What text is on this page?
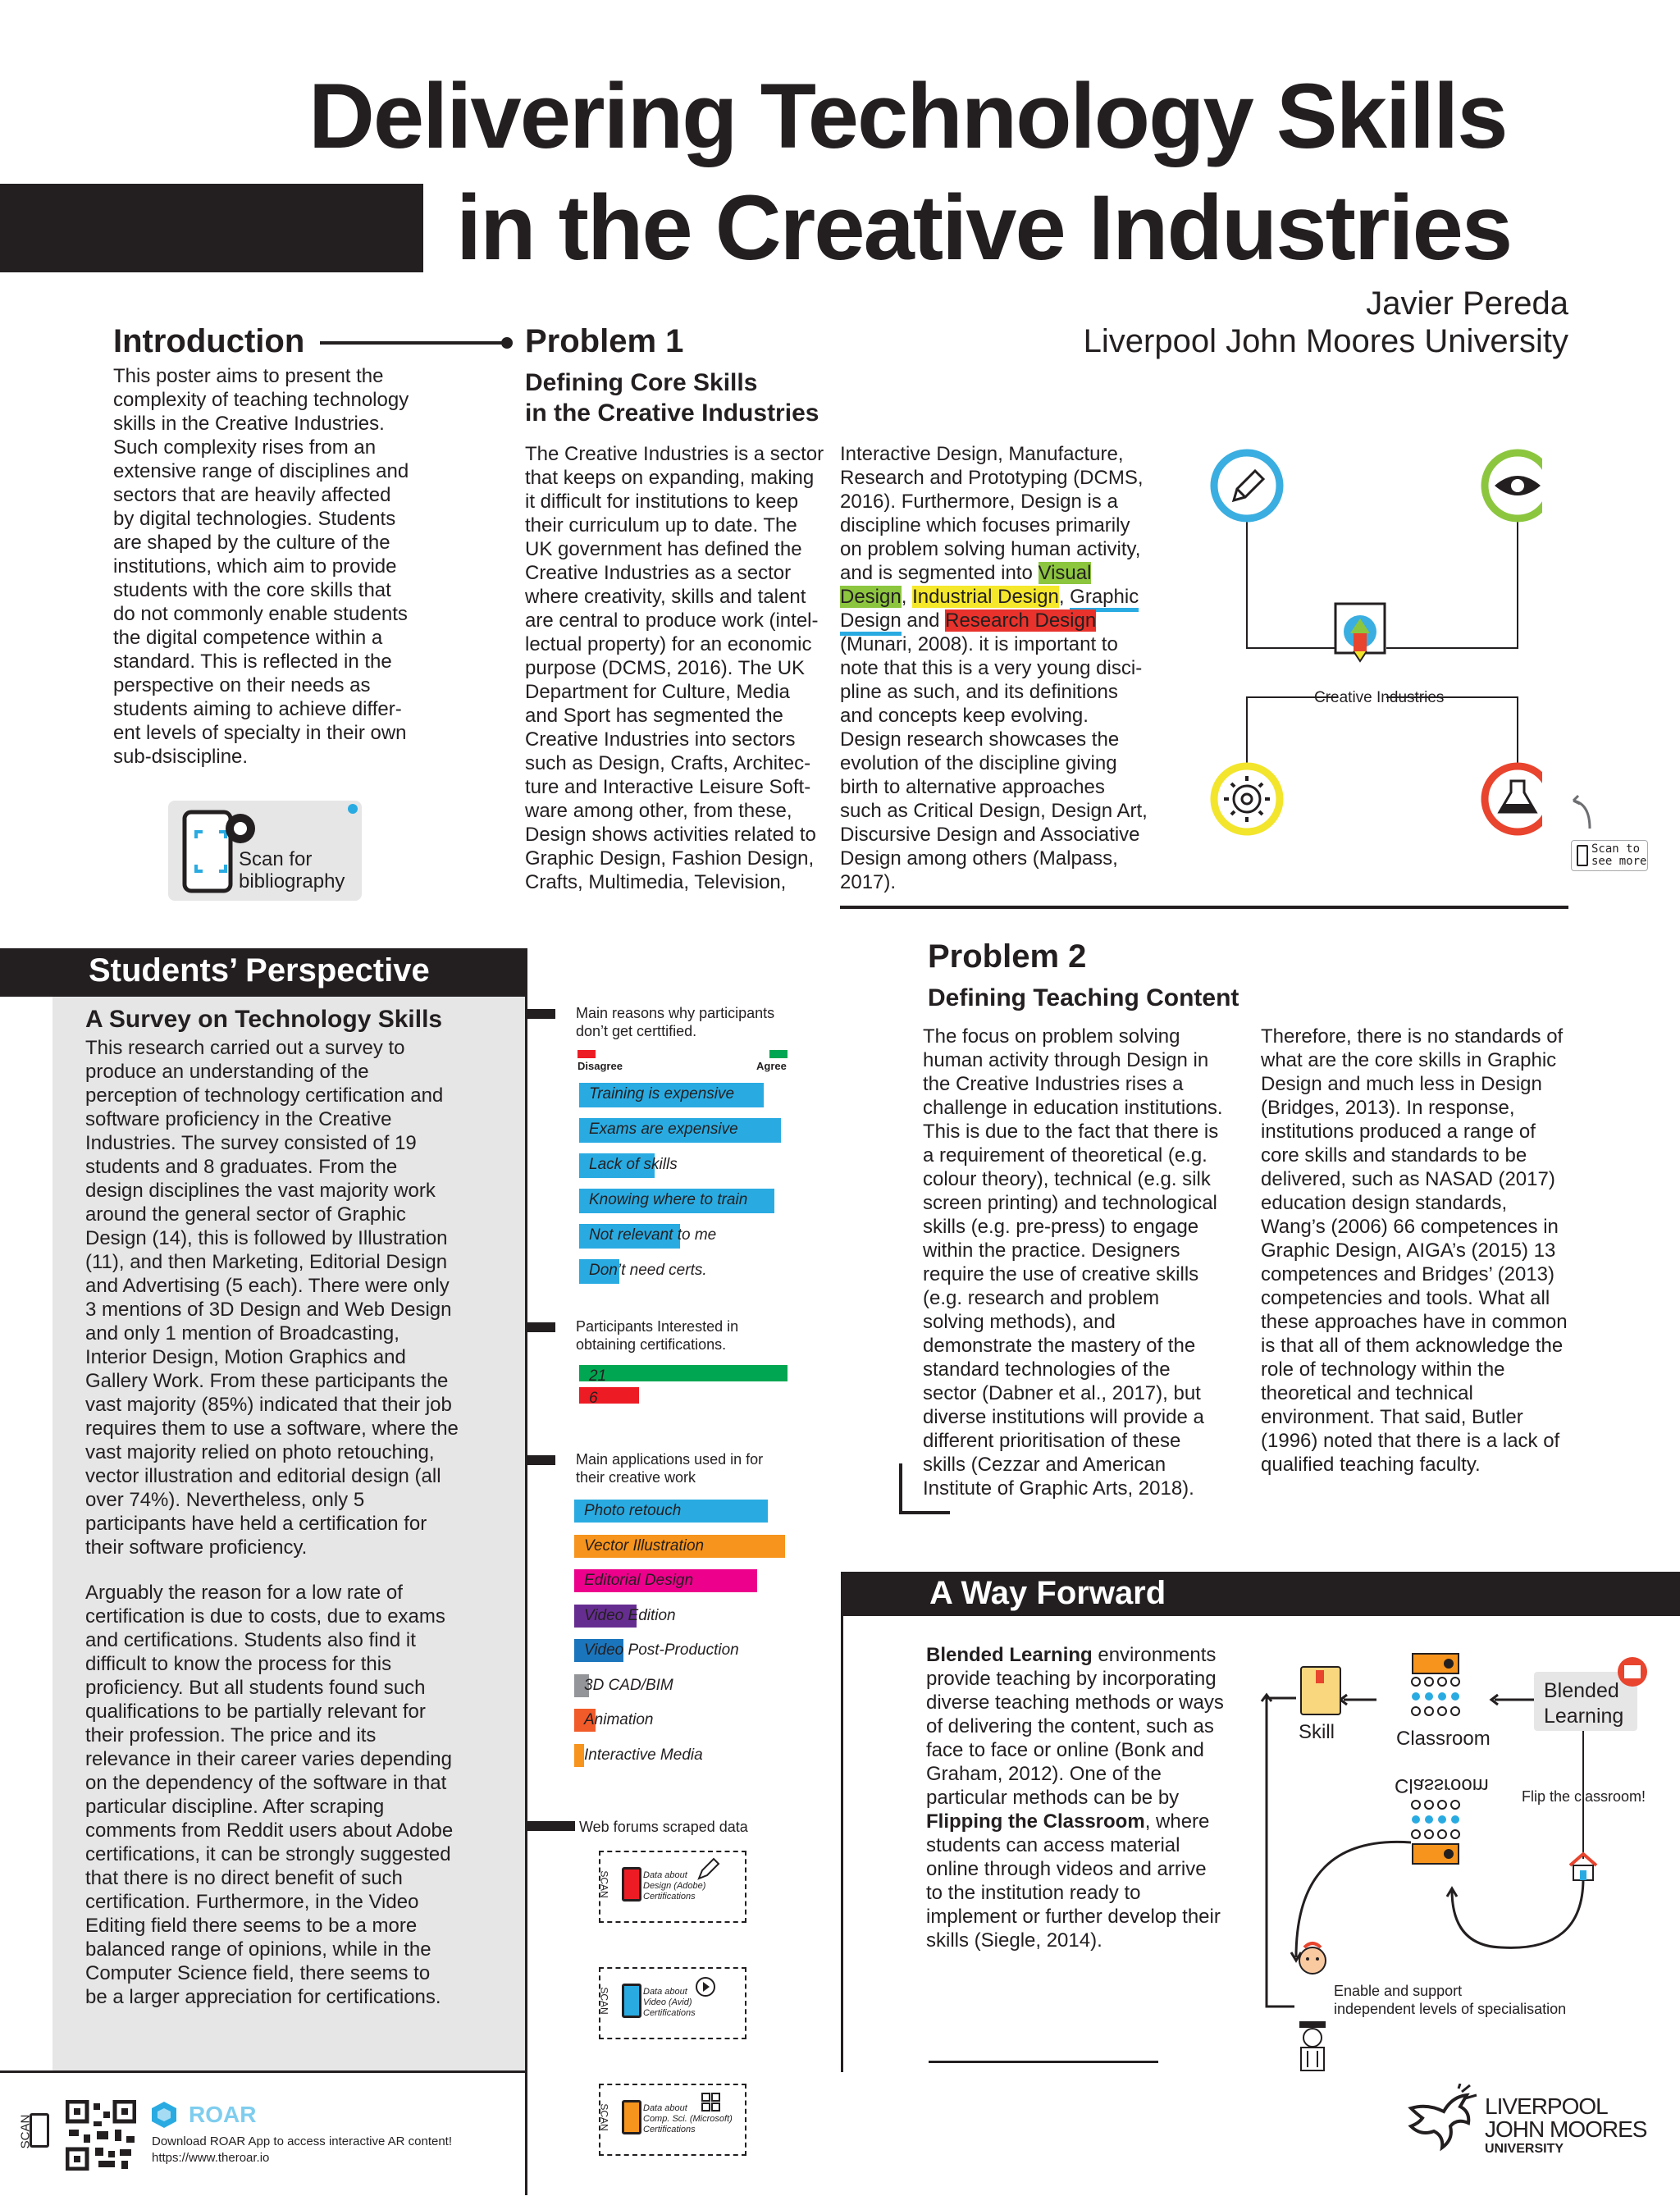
Delivering Technology Skills
in the Creative Industries
Javier Pereda
Liverpool John Moores University
Introduction
This poster aims to present the
complexity of teaching technology
skills in the Creative Industries.
Such complexity rises from an
extensive range of disciplines and
sectors that are heavily affected
by digital technologies. Students
are shaped by the culture of the
institutions, which aim to provide
students with the core skills that
do not commonly enable students
the digital competence within a
standard. This is reflected in the
perspective on their needs as
students aiming to achieve differ-
ent levels of specialty in their own
sub-dsiscipline.
Scan for
bibliography
Problem 1
Defining Core Skills
in the Creative Industries
The Creative Industries is a sector
that keeps on expanding, making
it difficult for institutions to keep
their curriculum up to date. The
UK government has defined the
Creative Industries as a sector
where creativity, skills and talent
are central to produce work (intel-
lectual property) for an economic
purpose (DCMS, 2016). The UK
Department for Culture, Media
and Sport has segmented the
Creative Industries into sectors
such as Design, Crafts, Architec-
ture and Interactive Leisure Soft-
ware among other, from these,
Design shows activities related to
Graphic Design, Fashion Design,
Crafts, Multimedia, Television,
Interactive Design, Manufacture,
Research and Prototyping (DCMS,
2016). Furthermore, Design is a
discipline which focuses primarily
on problem solving human activity,
and is segmented into Visual
Design, Industrial Design, Graphic
Design and Research Design
(Munari, 2008). it is important to
note that this is a very young disci-
pline as such, and its definitions
and concepts keep evolving.
Design research showcases the
evolution of the discipline giving
birth to alternative approaches
such as Critical Design, Design Art,
Discursive Design and Associative
Design among others (Malpass,
2017).
Creative Industries
Scan to
see more
Students’ Perspective
A Survey on Technology Skills
This research carried out a survey to
produce an understanding of the
perception of technology certification and
software proficiency in the Creative
Industries. The survey consisted of 19
students and 8 graduates. From the
design disciplines the vast majority work
around the general sector of Graphic
Design (14), this is followed by Illustration
(11), and then Marketing, Editorial Design
and Advertising (5 each). There were only
3 mentions of 3D Design and Web Design
and only 1 mention of Broadcasting,
Interior Design, Motion Graphics and
Gallery Work. From these participants the
vast majority (85%) indicated that their job
requires them to use a software, where the
vast majority relied on photo retouching,
vector illustration and editorial design (all
over 74%). Nevertheless, only 5
participants have held a certification for
their software proficiency.
Arguably the reason for a low rate of
certification is due to costs, due to exams
and certifications. Students also find it
difficult to know the process for this
proficiency. But all students found such
qualifications to be partially relevant for
their profession. The price and its
relevance in their career varies depending
on the dependency of the software in that
particular discipline. After scraping
comments from Reddit users about Adobe
certifications, it can be strongly suggested
that there is no direct benefit of such
certification. Furthermore, in the Video
Editing field there seems to be a more
balanced range of opinions, while in the
Computer Science field, there seems to
be a larger appreciation for certifications.
Main reasons why participants
don’t get certtified.
Disagree	Agree
Training is expensive
Exams are expensive
Lack of skills
Knowing where to train
Not relevant to me
Don’t need certs.
Participants Interested in
obtaining certifications.
21
6
Main applications used in for
their creative work
Photo retouch
Vector Illustration
Editorial Design
Video Edition
Video Post-Production
3D CAD/BIM
Animation
Interactive Media
Web forums scraped data
SCAN	Data about
Design (Adobe)
Certifications
SCAN	Data about
Video (Avid)
Certifications
SCAN	Data about
Comp. Sci. (Microsoft)
Certifications
Problem 2
Defining Teaching Content
The focus on problem solving
human activity through Design in
the Creative Industries rises a
challenge in education institutions.
This is due to the fact that there is
a requirement of theoretical (e.g.
colour theory), technical (e.g. silk
screen printing) and technological
skills (e.g. pre-press) to engage
within the practice. Designers
require the use of creative skills
(e.g. research and problem
solving methods), and
demonstrate the mastery of the
standard technologies of the
sector (Dabner et al., 2017), but
diverse institutions will provide a
different prioritisation of these
skills (Cezzar and American
Institute of Graphic Arts, 2018).
Therefore, there is no standards of
what are the core skills in Graphic
Design and much less in Design
(Bridges, 2013). In response,
institutions produced a range of
core skills and standards to be
delivered, such as NASAD (2017)
education design standards,
Wang’s (2006) 66 competences in
Graphic Design, AIGA’s (2015) 13
competences and Bridges’ (2013)
competencies and tools. What all
these approaches have in common
is that all of them acknowledge the
role of technology within the
theoretical and technical
environment. That said, Butler
(1996) noted that there is a lack of
qualified teaching faculty.
A Way Forward
Blended Learning environments
provide teaching by incorporating
diverse teaching methods or ways
of delivering the content, such as
face to face or online (Bonk and
Graham, 2012). One of the
particular methods can be by
Flipping the Classroom, where
students can access material
online through videos and arrive
to the institution ready to
implement or further develop their
skills (Siegle, 2014).
Skill	Classroom
Classroom
Blended
Learning
Flip the classroom!
Enable and support
independent levels of specialisation
SCAN
ROAR
Download ROAR App to access interactive AR content!
https://www.theroar.io
LIVERPOOL
JOHN MOORES
UNIVERSITY
